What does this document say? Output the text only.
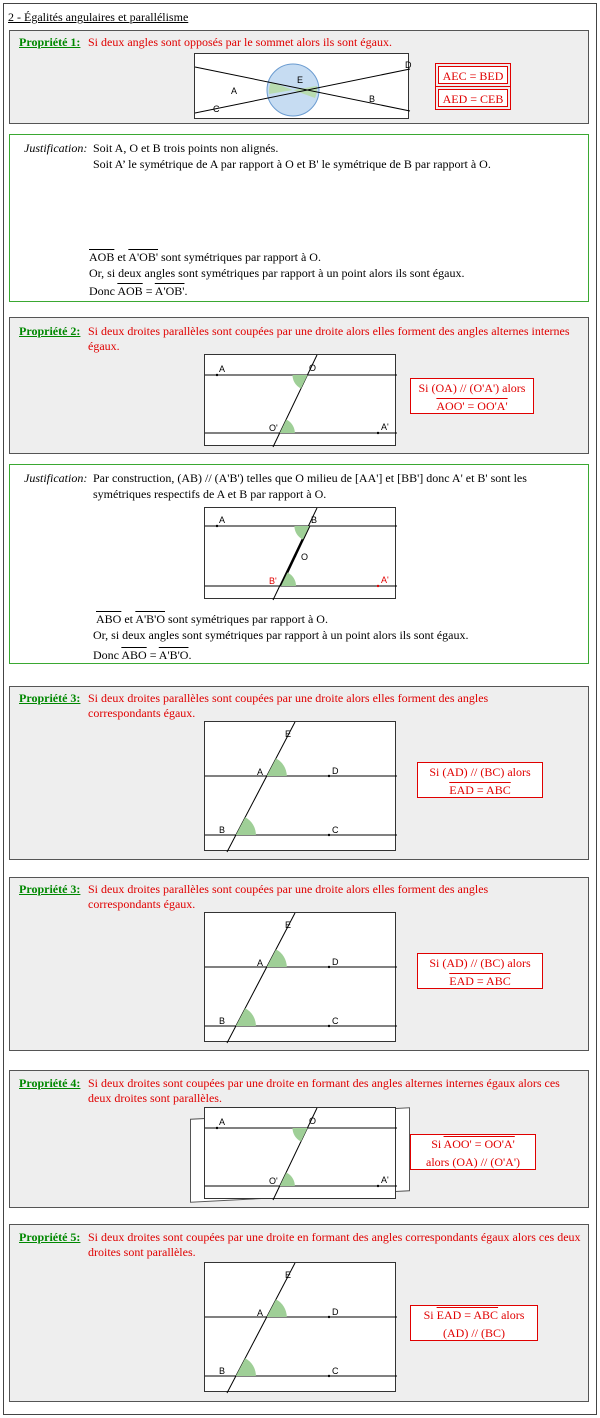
2 - Égalités angulaires et parallélisme
Propriété 1: Si deux angles sont opposés par le sommet alors ils sont égaux.
A
B
C
D
E	AEC = BED
AED = CEB
Justification: Soit A, O et B trois points non alignés.
Soit A’ le symétrique de A par rapport à O et B' le symétrique de B par rapport à O.
$\overline{AOB}$ et A'OB' sont symétriques par rapport à O.
Or, si deux angles sont symétriques par rapport à un point alors ils sont égaux.
Donc $\overline{AOB} = A'OB'$.
Propriété 2: Si deux droites parallèles sont coupées par une droite alors elles forment des angles alternes internes égaux.
A	O
O'	A'
Si (OA) // (O'A') alors
AOO' = OO'A'
Justification: Par construction, (AB) // (A'B') telles que O milieu de [AA'] et [BB'] donc A' et B' sont les
symétriques respectifs de A et B par rapport à O.
A	B
O
B'	A'
$\overline{ABO}$ et A'B'O sont symétriques par rapport à O.
Or, si deux angles sont symétriques par rapport à un point alors ils sont égaux.
Donc $\overline{ABO} = A'B'O$.
Propriété 3: Si deux droites parallèles sont coupées par une droite alors elles forment des angles correspondants égaux.
E
A	D
B	C
Si (AD) // (BC) alors
EAD = ABC
Propriété 3: Si deux droites parallèles sont coupées par une droite alors elles forment des angles correspondants égaux.
E
A	D
B	C
Si (AD) // (BC) alors
EAD = ABC
Propriété 4: Si deux droites sont coupées par une droite en formant des angles alternes internes égaux alors ces deux droites sont parallèles.
A	O
O'	A'
Si AOO' = OO'A'
alors (OA) // (O'A')
Propriété 5: Si deux droites sont coupées par une droite en formant des angles correspondants égaux alors ces deux droites sont parallèles.
E
A	D
B	C
Si EAD = ABC alors
(AD) // (BC)
